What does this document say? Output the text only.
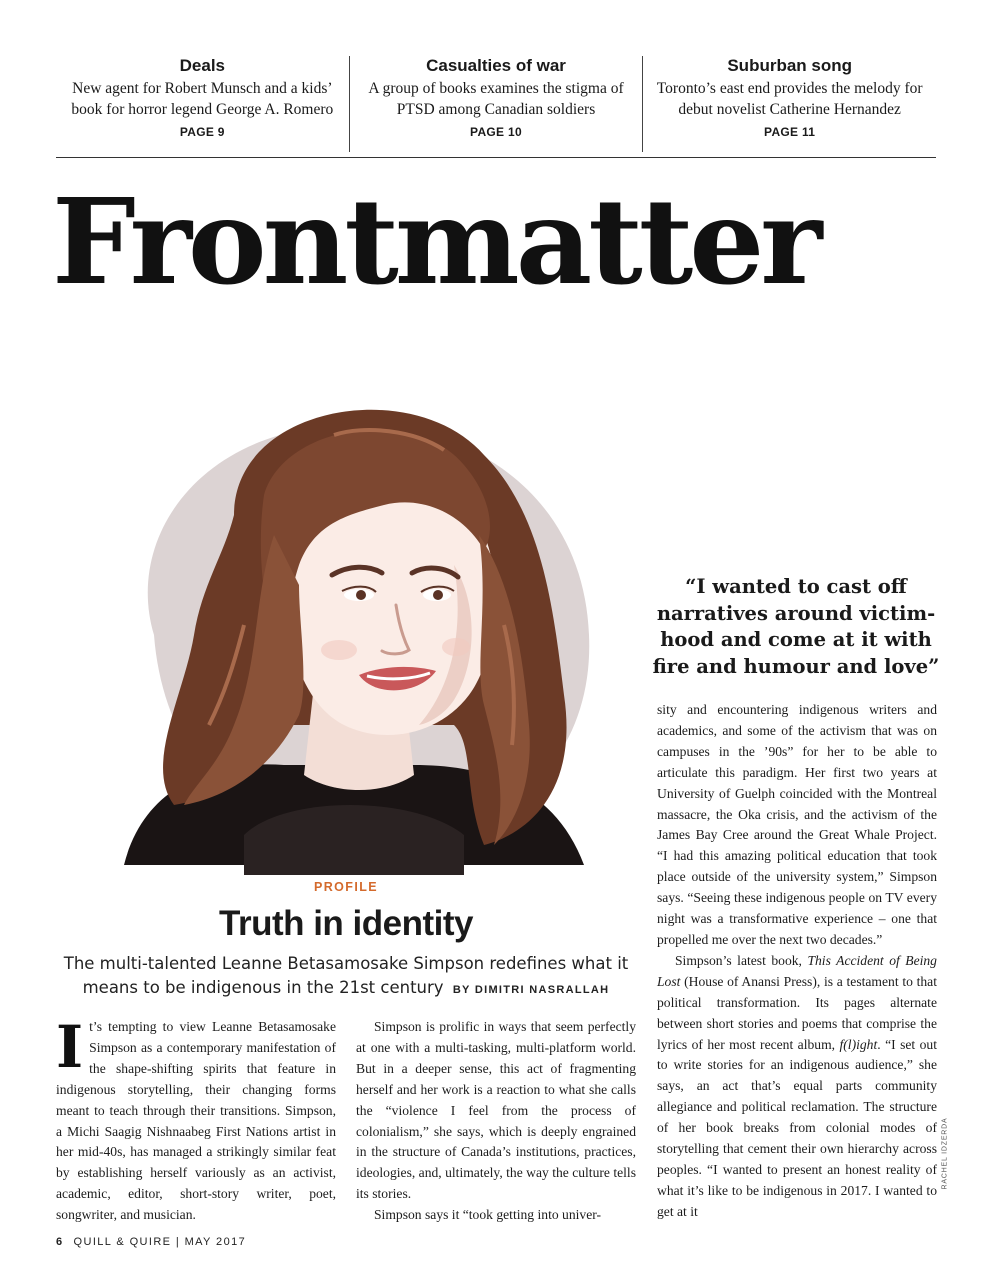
Deals
New agent for Robert Munsch and a kids’ book for horror legend George A. Romero
PAGE 9
Casualties of war
A group of books examines the stigma of PTSD among Canadian soldiers
PAGE 10
Suburban song
Toronto’s east end provides the melody for debut novelist Catherine Hernandez
PAGE 11
Frontmatter
“I wanted to cast off narratives around victimhood and come at it with fire and humour and love”
PROFILE
Truth in identity
The multi-talented Leanne Betasamosake Simpson redefines what it means to be indigenous in the 21st century BY DIMITRI NASRALLAH

It’s tempting to view Leanne Betasamosake Simpson as a contemporary manifestation of the shape-shifting spirits that feature in indigenous storytelling, their changing forms meant to teach through their transitions. Simpson, a Michi Saagig Nishnaabeg First Nations artist in her mid-40s, has managed a strikingly similar feat by establishing herself variously as an activist, academic, editor, short-story writer, poet, songwriter, and musician.

Simpson is prolific in ways that seem perfectly at one with a multi-tasking, multi-platform world. But in a deeper sense, this act of fragmenting herself and her work is a reaction to what she calls the “violence I feel from the process of colonialism,” she says, which is deeply engrained in the structure of Canada’s institutions, practices, ideologies, and, ultimately, the way the culture tells its stories.

Simpson says it “took getting into univer-

sity and encountering indigenous writers and academics, and some of the activism that was on campuses in the ’90s” for her to be able to articulate this paradigm. Her first two years at University of Guelph coincided with the Montreal massacre, the Oka crisis, and the activism of the James Bay Cree around the Great Whale Project. “I had this amazing political education that took place outside of the university system,” Simpson says. “Seeing these indigenous people on TV every night was a transformative experience – one that propelled me over the next two decades.”

Simpson’s latest book, This Accident of Being Lost (House of Anansi Press), is a testament to that political transformation. Its pages alternate between short stories and poems that comprise the lyrics of her most recent album, f(l)ight. “I set out to write stories for an indigenous audience,” she says, an act that’s equal parts community allegiance and political reclamation. The structure of her book breaks from colonial modes of storytelling that cement their own hierarchy across peoples. “I wanted to present an honest reality of what it’s like to be indigenous in 2017. I wanted to get at it

6 QUILL & QUIRE | MAY 2017
RACHEL IDZERDA
